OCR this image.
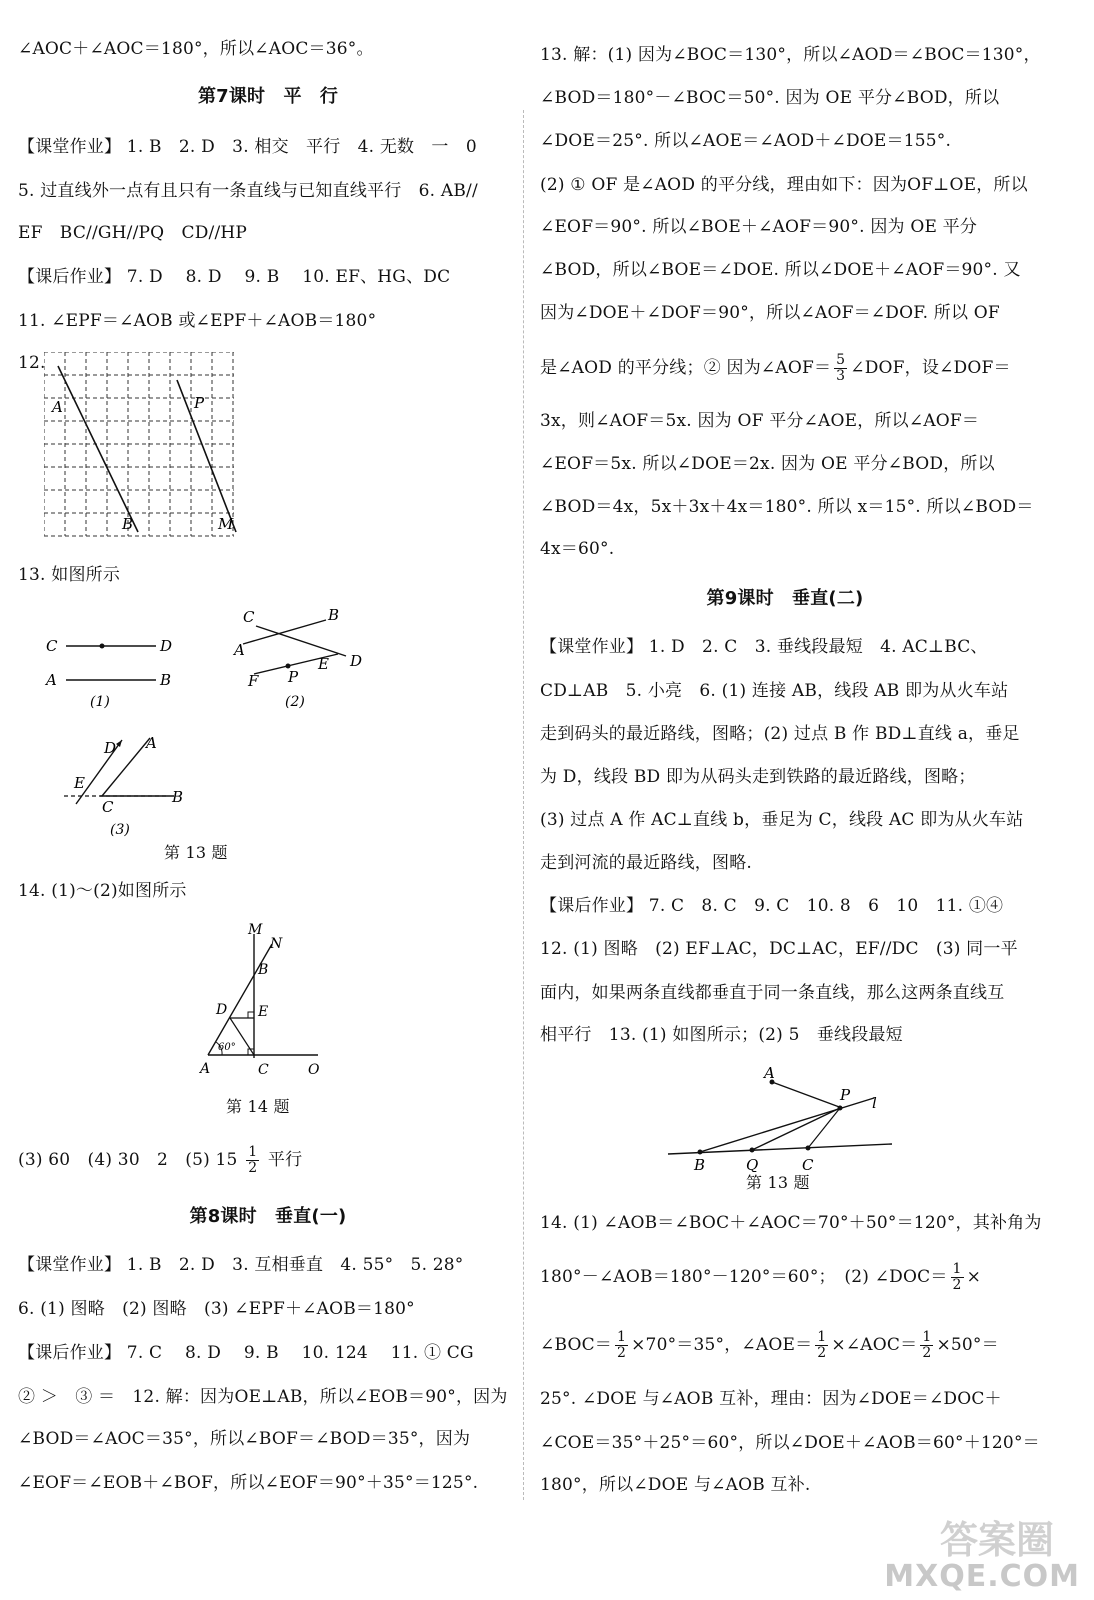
∠AOC＋∠AOC＝180°，所以∠AOC＝36°。
第7课时　平　行
【课堂作业】 1. B　2. D　3. 相交　平行　4. 无数　一　0
5. 过直线外一点有且只有一条直线与已知直线平行　6. AB//
EF　BC//GH//PQ　CD//HP
【课后作业】 7. D　 8. D　 9. B　 10. EF、HG、DC
11. ∠EPF＝∠AOB 或∠EPF＋∠AOB＝180°
12.
A
B
P
M
13. 如图所示
C	D
A	B
(1)
C	B
A
E D
F P
(2)
D A
E
C
B
(3)
第 13 题
14. (1)～(2)如图所示
M
N
B
D E
60°
A	C	O
第 14 题
(3) 60　(4) 30　2　(5) $15 \frac{1}{2}$ 平行
第8课时　垂直(一)
【课堂作业】 1. B　2. D　3. 互相垂直　4. 55°　5. 28°
6. (1) 图略　(2) 图略　(3) ∠EPF＋∠AOB＝180°
【课后作业】 7. C　 8. D　 9. B　 10. 124　 11. ① CG
② ＞　③ ＝　12. 解：因为OE⊥AB，所以∠EOB＝90°，因为
∠BOD＝∠AOC＝35°，所以∠BOF＝∠BOD＝35°，因为
∠EOF＝∠EOB＋∠BOF，所以∠EOF＝90°＋35°＝125°.
13. 解：(1) 因为∠BOC＝130°，所以∠AOD＝∠BOC＝130°，
∠BOD＝180°－∠BOC＝50°. 因为 OE 平分∠BOD，所以
∠DOE＝25°. 所以∠AOE＝∠AOD＋∠DOE＝155°.
(2) ① OF 是∠AOD 的平分线，理由如下：因为OF⊥OE，所以
∠EOF＝90°. 所以∠BOE＋∠AOF＝90°. 因为 OE 平分
∠BOD，所以∠BOE＝∠DOE. 所以∠DOE＋∠AOF＝90°. 又
因为∠DOE＋∠DOF＝90°，所以∠AOF＝∠DOF. 所以 OF
是∠AOD 的平分线；② 因为∠AOF＝ $\frac{5}{3}$ ∠DOF，设∠DOF＝
3x，则∠AOF＝5x. 因为 OF 平分∠AOE，所以∠AOF＝
∠EOF＝5x. 所以∠DOE＝2x. 因为 OE 平分∠BOD，所以
∠BOD＝4x，5x＋3x＋4x＝180°. 所以 x＝15°. 所以∠BOD＝
4x＝60°.
第9课时　垂直(二)
【课堂作业】 1. D　2. C　3. 垂线段最短　4. AC⊥BC、
CD⊥AB　5. 小亮　6. (1) 连接 AB，线段 AB 即为从火车站
走到码头的最近路线，图略；(2) 过点 B 作 BD⊥直线 a，垂足
为 D，线段 BD 即为从码头走到铁路的最近路线，图略；
(3) 过点 A 作 AC⊥直线 b，垂足为 C，线段 AC 即为从火车站
走到河流的最近路线，图略.
【课后作业】 7. C　8. C　9. C　10. 8　6　10　11. ①④
12. (1) 图略　(2) EF⊥AC，DC⊥AC，EF//DC　(3) 同一平
面内，如果两条直线都垂直于同一条直线，那么这两条直线互
相平行　13. (1) 如图所示；(2) 5　垂线段最短
A
P l
B	Q	C
第 13 题
14. (1) ∠AOB＝∠BOC＋∠AOC＝70°＋50°＝120°，其补角为
180°－∠AOB＝180°－120°＝60°；　(2) ∠DOC＝ $\frac{1}{2}$ ×
∠BOC＝ $\frac{1}{2} \times 70^\circ=35^\circ$，∠AOE＝ $\frac{1}{2}$ ×∠AOC＝ $\frac{1}{2} \times 50^\circ=$
25°. ∠DOE 与∠AOB 互补，理由：因为∠DOE＝∠DOC＋
∠COE＝35°＋25°＝60°，所以∠DOE＋∠AOB＝60°＋120°＝
180°，所以∠DOE 与∠AOB 互补.
答案圈
MXQE.COM
